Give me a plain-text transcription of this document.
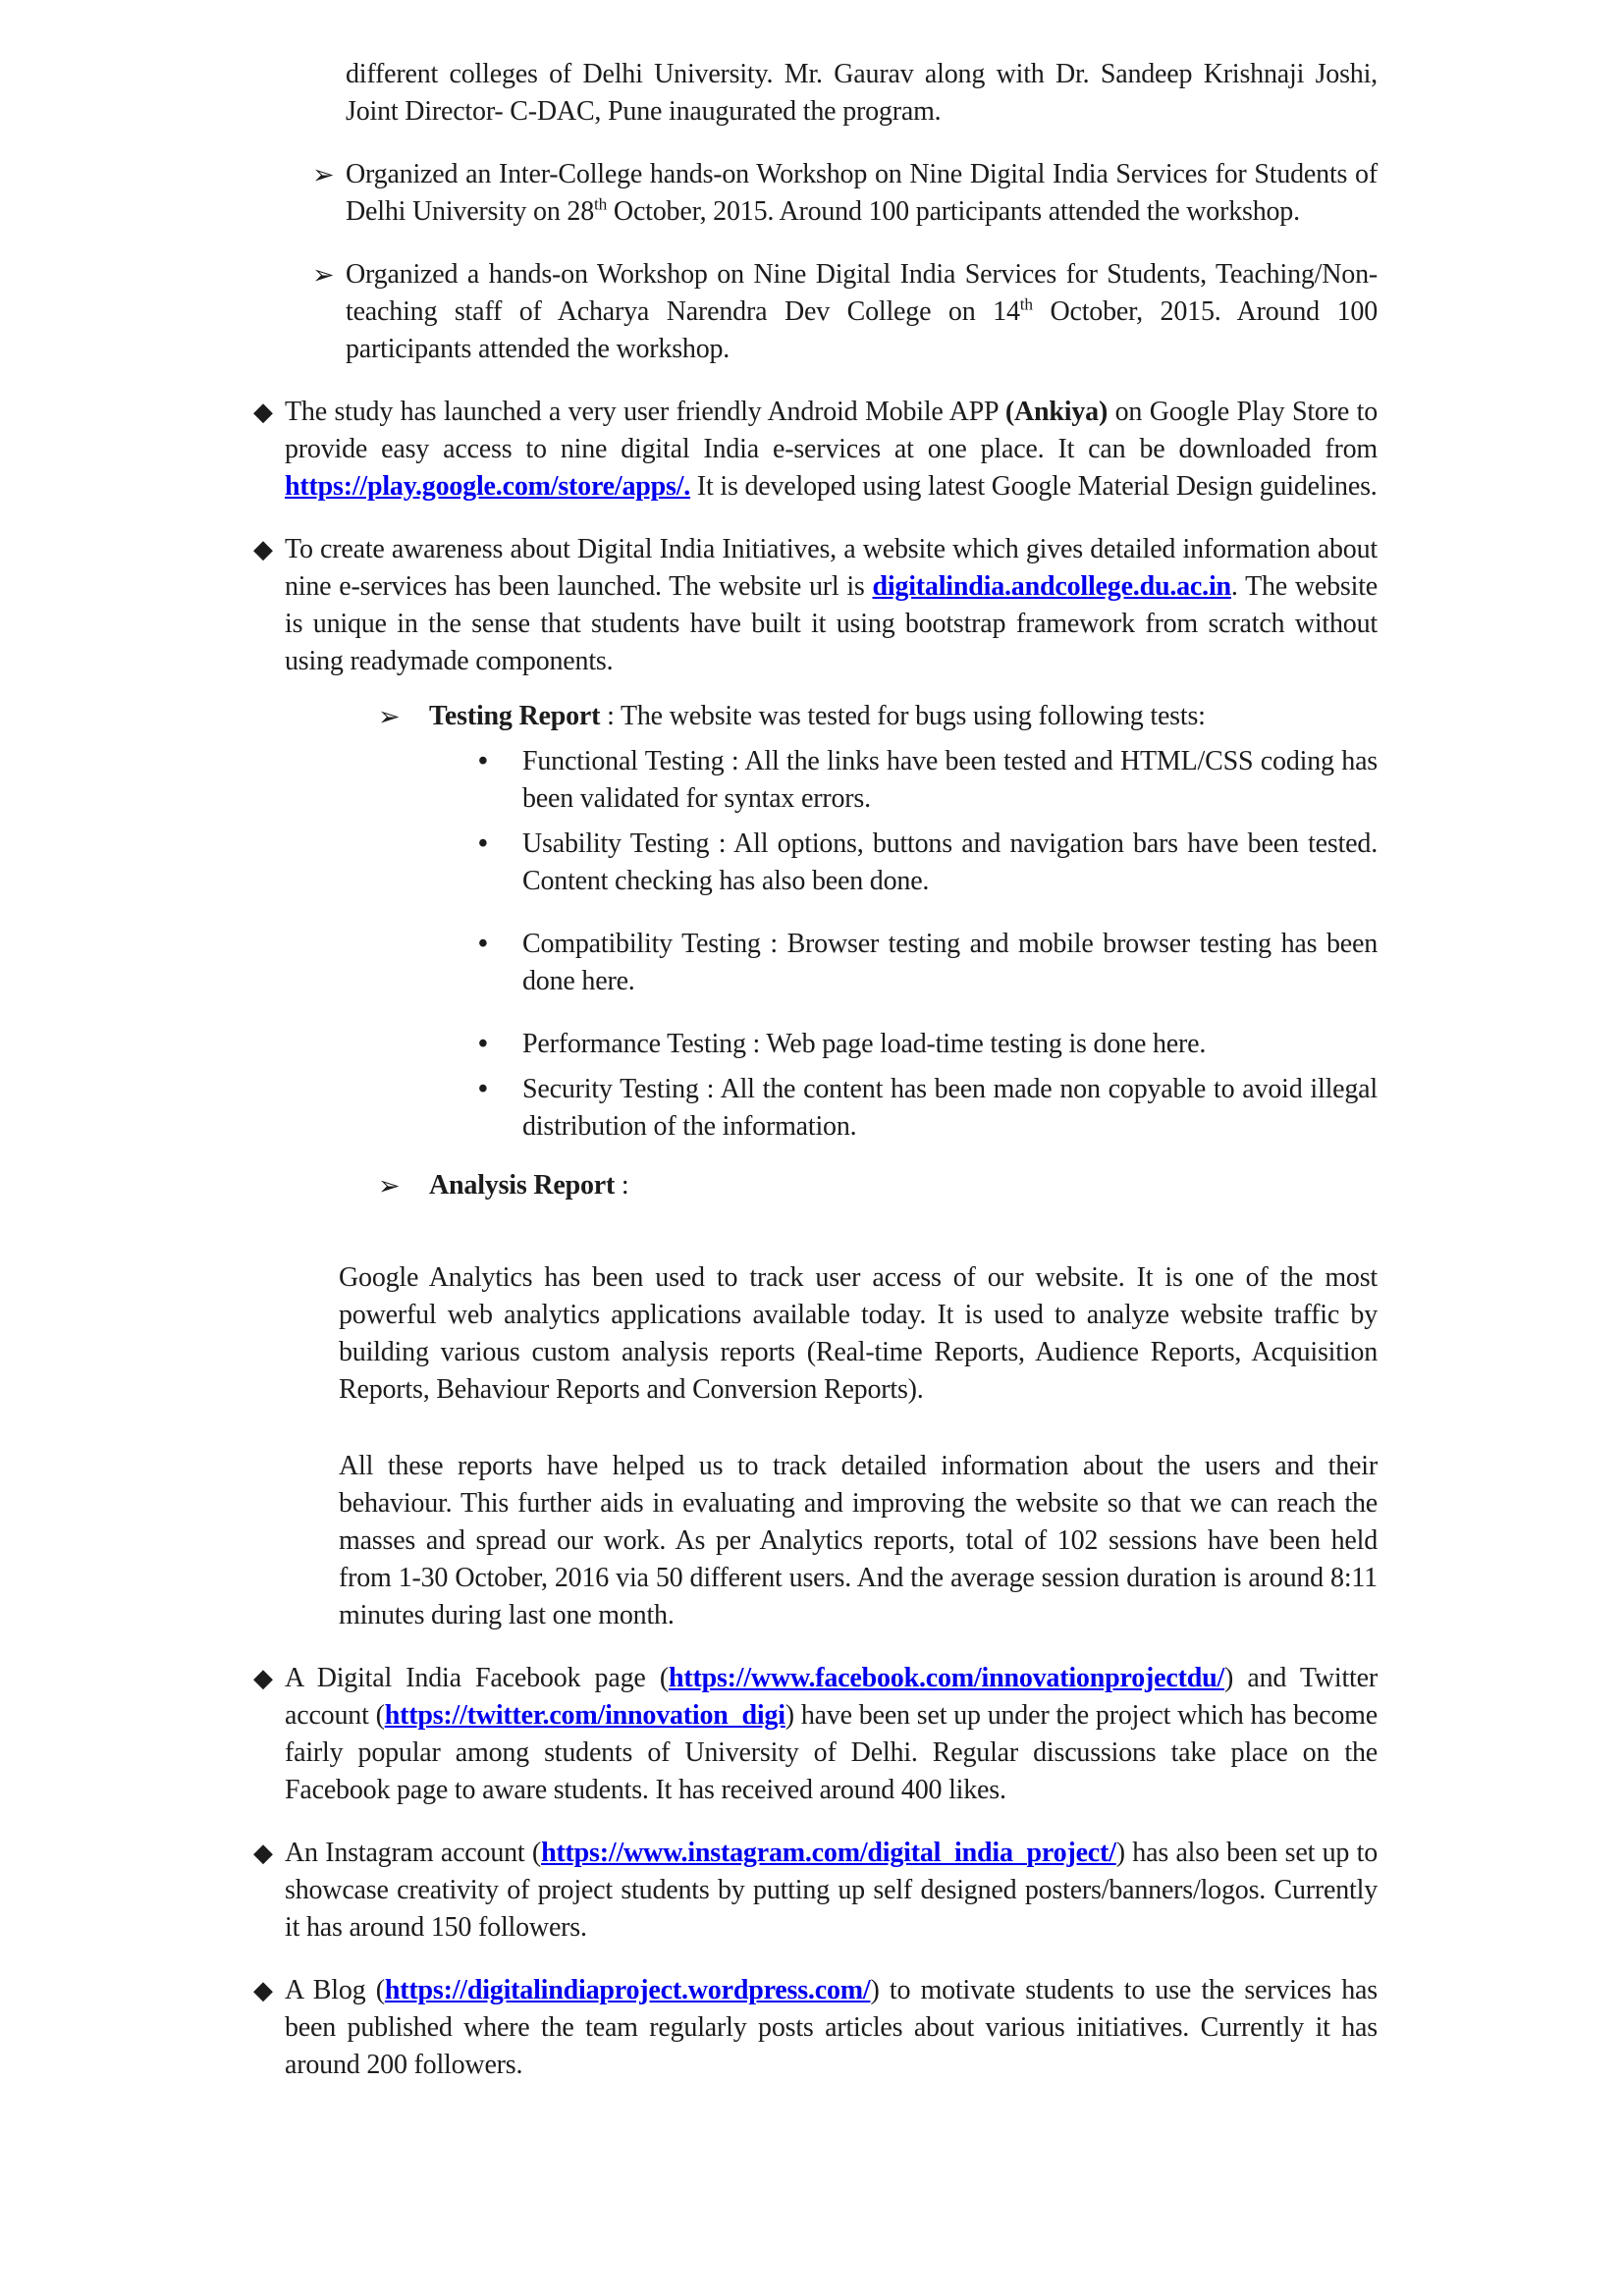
different colleges of Delhi University. Mr. Gaurav along with Dr. Sandeep Krishnaji Joshi, Joint Director- C-DAC, Pune inaugurated the program.
➢ Organized an Inter-College hands-on Workshop on Nine Digital India Services for Students of Delhi University on 28th October, 2015. Around 100 participants attended the workshop.
➢ Organized a hands-on Workshop on Nine Digital India Services for Students, Teaching/Non-teaching staff of Acharya Narendra Dev College on 14th October, 2015. Around 100 participants attended the workshop.
◆ The study has launched a very user friendly Android Mobile APP (Ankiya) on Google Play Store to provide easy access to nine digital India e-services at one place. It can be downloaded from https://play.google.com/store/apps/. It is developed using latest Google Material Design guidelines.
◆ To create awareness about Digital India Initiatives, a website which gives detailed information about nine e-services has been launched. The website url is digitalindia.andcollege.du.ac.in. The website is unique in the sense that students have built it using bootstrap framework from scratch without using readymade components.
➢ Testing Report : The website was tested for bugs using following tests:
• Functional Testing : All the links have been tested and HTML/CSS coding has been validated for syntax errors.
• Usability Testing : All options, buttons and navigation bars have been tested. Content checking has also been done.
• Compatibility Testing : Browser testing and mobile browser testing has been done here.
• Performance Testing : Web page load-time testing is done here.
• Security Testing : All the content has been made non copyable to avoid illegal distribution of the information.
➢ Analysis Report :
Google Analytics has been used to track user access of our website. It is one of the most powerful web analytics applications available today. It is used to analyze website traffic by building various custom analysis reports (Real-time Reports, Audience Reports, Acquisition Reports, Behaviour Reports and Conversion Reports).
All these reports have helped us to track detailed information about the users and their behaviour. This further aids in evaluating and improving the website so that we can reach the masses and spread our work. As per Analytics reports, total of 102 sessions have been held from 1-30 October, 2016 via 50 different users. And the average session duration is around 8:11 minutes during last one month.
◆ A Digital India Facebook page (https://www.facebook.com/innovationprojectdu/) and Twitter account (https://twitter.com/innovation_digi) have been set up under the project which has become fairly popular among students of University of Delhi. Regular discussions take place on the Facebook page to aware students. It has received around 400 likes.
◆ An Instagram account (https://www.instagram.com/digital_india_project/) has also been set up to showcase creativity of project students by putting up self designed posters/banners/logos. Currently it has around 150 followers.
◆ A Blog (https://digitalindiaproject.wordpress.com/) to motivate students to use the services has been published where the team regularly posts articles about various initiatives. Currently it has around 200 followers.
